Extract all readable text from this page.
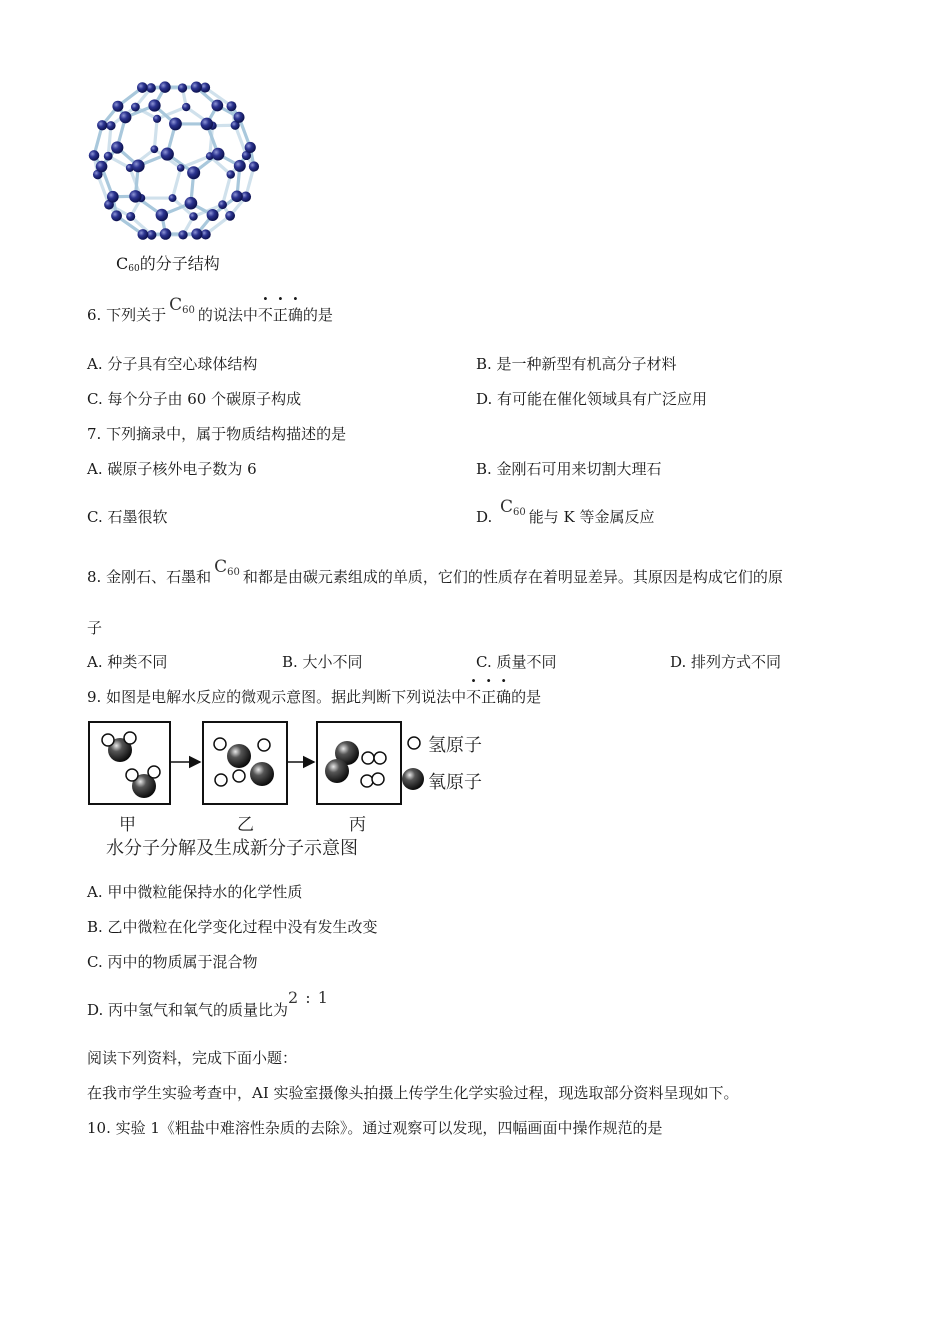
$C_{60}$的分子结构
6. 下列关于 $C_{60}$ 的说法中不正确的是
A. 分子具有空心球体结构	B. 是一种新型有机高分子材料
C. 每个分子由 60 个碳原子构成	D. 有可能在催化领域具有广泛应用
7. 下列摘录中，属于物质结构描述的是
A. 碳原子核外电子数为 6	B. 金刚石可用来切割大理石
C. 石墨很软	D. $C_{60}$ 能与 K 等金属反应
8. 金刚石、石墨和 $C_{60}$ 和都是由碳元素组成的单质，它们的性质存在着明显差异。其原因是构成它们的原
子
A. 种类不同	B. 大小不同	C. 质量不同	D. 排列方式不同
9. 如图是电解水反应的微观示意图。据此判断下列说法中不正确的是
氢原子
氧原子
甲	乙	丙
水分子分解及生成新分子示意图
A. 甲中微粒能保持水的化学性质
B. 乙中微粒在化学变化过程中没有发生改变
C. 丙中的物质属于混合物
D. 丙中氢气和氧气的质量比为2 : 1
阅读下列资料，完成下面小题：
在我市学生实验考查中，AI 实验室摄像头拍摄上传学生化学实验过程，现选取部分资料呈现如下。
10. 实验 1《粗盐中难溶性杂质的去除》。通过观察可以发现，四幅画面中操作规范的是
